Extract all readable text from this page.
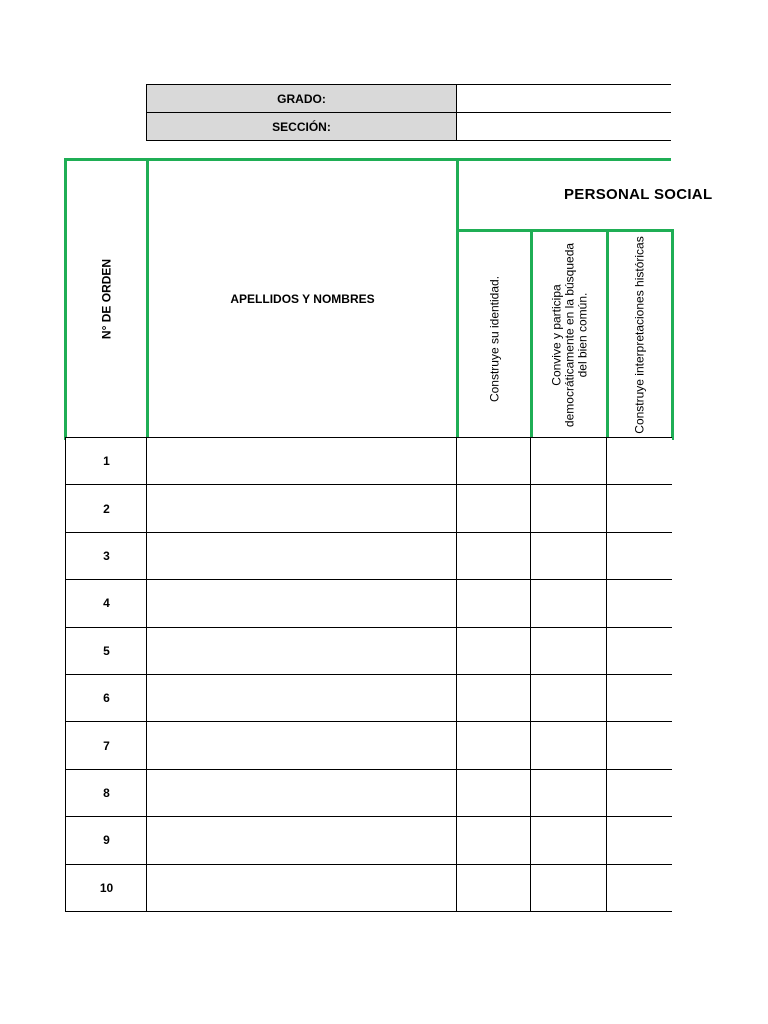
GRADO:
SECCIÓN:
N° DE ORDEN	APELLIDOS Y NOMBRES
PERSONAL SOCIAL
Construye su identidad.	Convive y participa democráticamente en la búsqueda del bien común.	Construye interpretaciones históricas
1
2
3
4
5
6
7
8
9
10
